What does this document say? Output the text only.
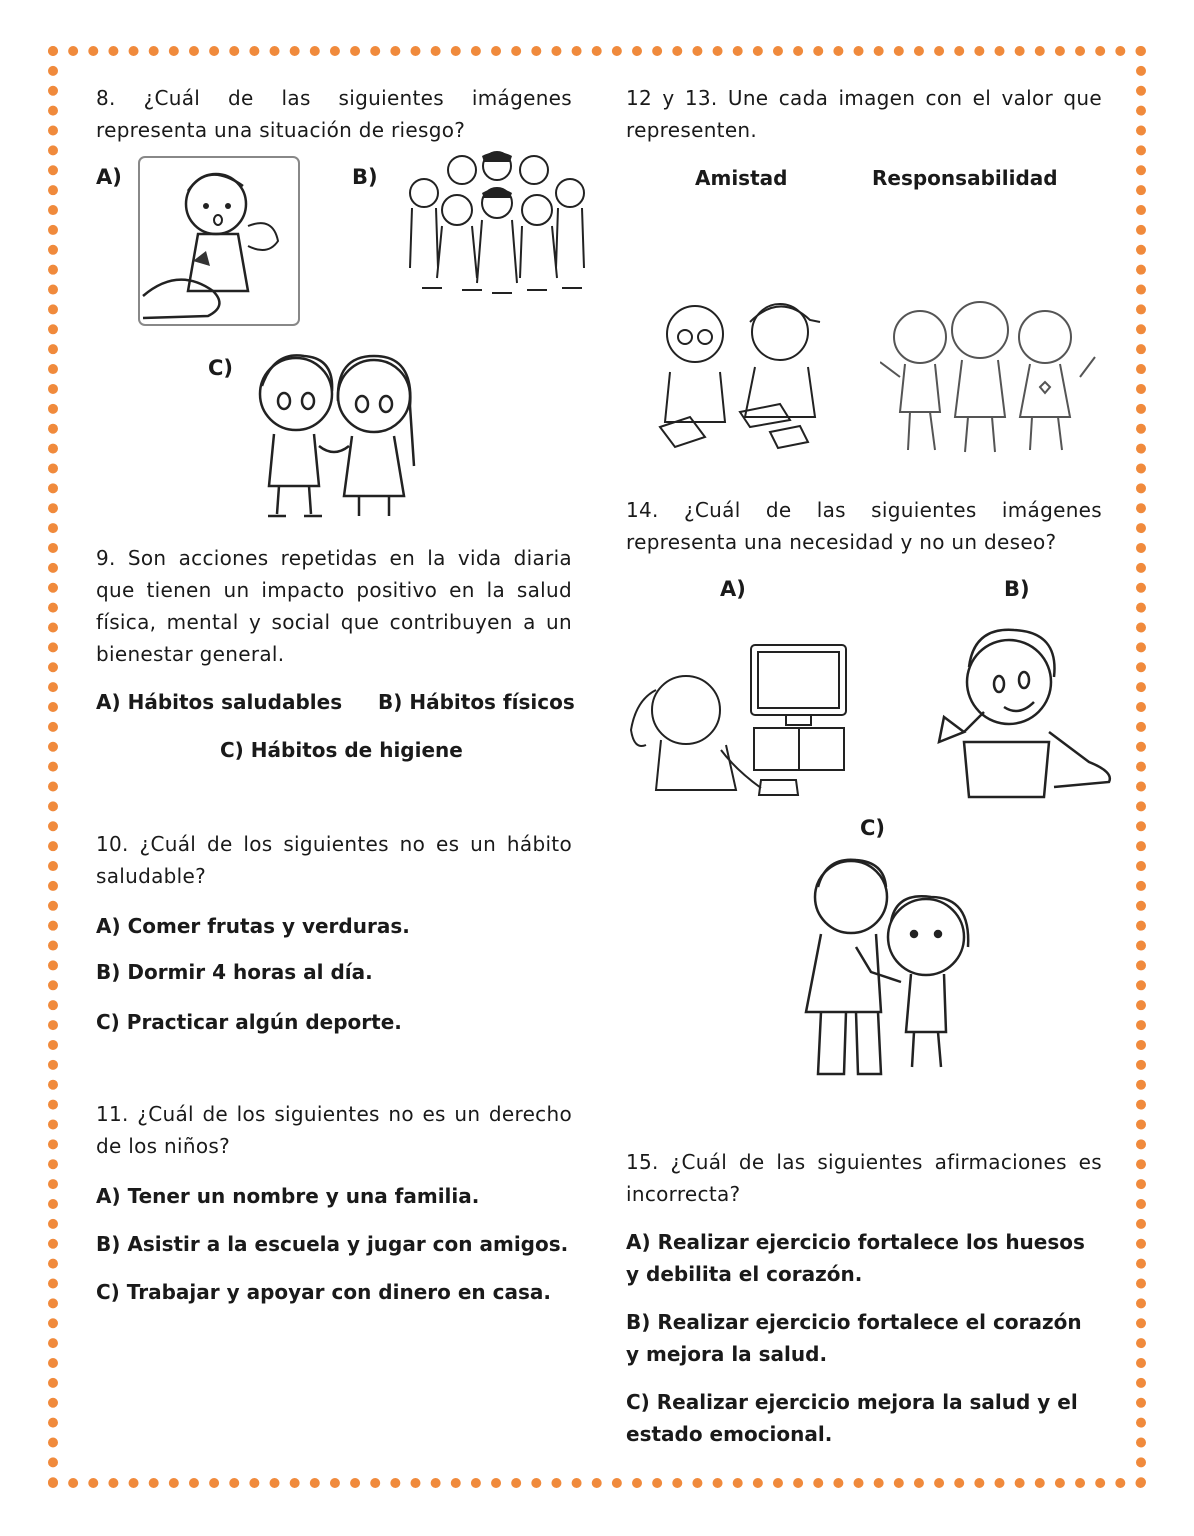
8. ¿Cuál de las siguientes imágenes representa una situación de riesgo?
A)	B)
C)
9. Son acciones repetidas en la vida diaria que tienen un impacto positivo en la salud física, mental y social que contribuyen a un bienestar general.
A) Hábitos saludables B) Hábitos físicos
C) Hábitos de higiene
10. ¿Cuál de los siguientes no es un hábito saludable?
A) Comer frutas y verduras.
B) Dormir 4 horas al día.
C) Practicar algún deporte.
11. ¿Cuál de los siguientes no es un derecho de los niños?
A) Tener un nombre y una familia.
B) Asistir a la escuela y jugar con amigos.
C) Trabajar y apoyar con dinero en casa.
12 y 13. Une cada imagen con el valor que representen.
Amistad	Responsabilidad
14. ¿Cuál de las siguientes imágenes representa una necesidad y no un deseo?
A)	B)
C)
15. ¿Cuál de las siguientes afirmaciones es incorrecta?
A) Realizar ejercicio fortalece los huesos y debilita el corazón.
B) Realizar ejercicio fortalece el corazón y mejora la salud.
C) Realizar ejercicio mejora la salud y el estado emocional.
